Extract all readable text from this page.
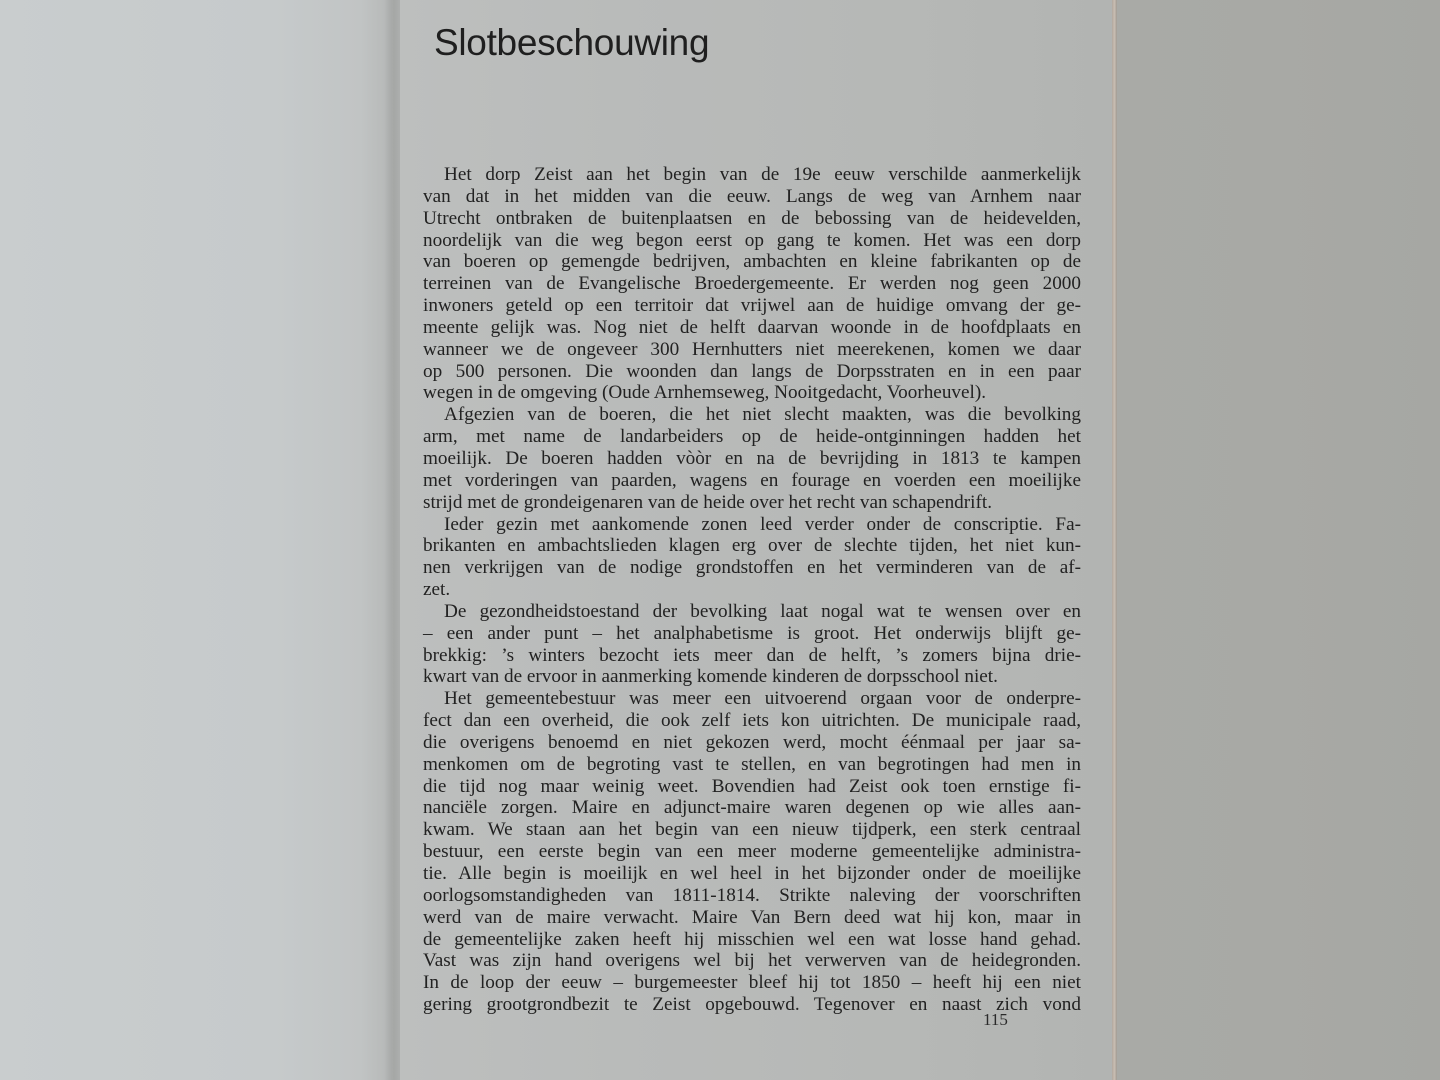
Slotbeschouwing
Het dorp Zeist aan het begin van de 19e eeuw verschilde aanmerkelijk
van dat in het midden van die eeuw. Langs de weg van Arnhem naar
Utrecht ontbraken de buitenplaatsen en de bebossing van de heidevelden,
noordelijk van die weg begon eerst op gang te komen. Het was een dorp
van boeren op gemengde bedrijven, ambachten en kleine fabrikanten op de
terreinen van de Evangelische Broedergemeente. Er werden nog geen 2000
inwoners geteld op een territoir dat vrijwel aan de huidige omvang der ge-
meente gelijk was. Nog niet de helft daarvan woonde in de hoofdplaats en
wanneer we de ongeveer 300 Hernhutters niet meerekenen, komen we daar
op 500 personen. Die woonden dan langs de Dorpsstraten en in een paar
wegen in de omgeving (Oude Arnhemseweg, Nooitgedacht, Voorheuvel).
Afgezien van de boeren, die het niet slecht maakten, was die bevolking
arm, met name de landarbeiders op de heide-ontginningen hadden het
moeilijk. De boeren hadden vòòr en na de bevrijding in 1813 te kampen
met vorderingen van paarden, wagens en fourage en voerden een moeilijke
strijd met de grondeigenaren van de heide over het recht van schapendrift.
Ieder gezin met aankomende zonen leed verder onder de conscriptie. Fa-
brikanten en ambachtslieden klagen erg over de slechte tijden, het niet kun-
nen verkrijgen van de nodige grondstoffen en het verminderen van de af-
zet.
De gezondheidstoestand der bevolking laat nogal wat te wensen over en
– een ander punt – het analphabetisme is groot. Het onderwijs blijft ge-
brekkig: ’s winters bezocht iets meer dan de helft, ’s zomers bijna drie-
kwart van de ervoor in aanmerking komende kinderen de dorpsschool niet.
Het gemeentebestuur was meer een uitvoerend orgaan voor de onderpre-
fect dan een overheid, die ook zelf iets kon uitrichten. De municipale raad,
die overigens benoemd en niet gekozen werd, mocht éénmaal per jaar sa-
menkomen om de begroting vast te stellen, en van begrotingen had men in
die tijd nog maar weinig weet. Bovendien had Zeist ook toen ernstige fi-
nanciële zorgen. Maire en adjunct-maire waren degenen op wie alles aan-
kwam. We staan aan het begin van een nieuw tijdperk, een sterk centraal
bestuur, een eerste begin van een meer moderne gemeentelijke administra-
tie. Alle begin is moeilijk en wel heel in het bijzonder onder de moeilijke
oorlogsomstandigheden van 1811-1814. Strikte naleving der voorschriften
werd van de maire verwacht. Maire Van Bern deed wat hij kon, maar in
de gemeentelijke zaken heeft hij misschien wel een wat losse hand gehad.
Vast was zijn hand overigens wel bij het verwerven van de heidegronden.
In de loop der eeuw – burgemeester bleef hij tot 1850 – heeft hij een niet
gering grootgrondbezit te Zeist opgebouwd. Tegenover en naast zich vond
115
